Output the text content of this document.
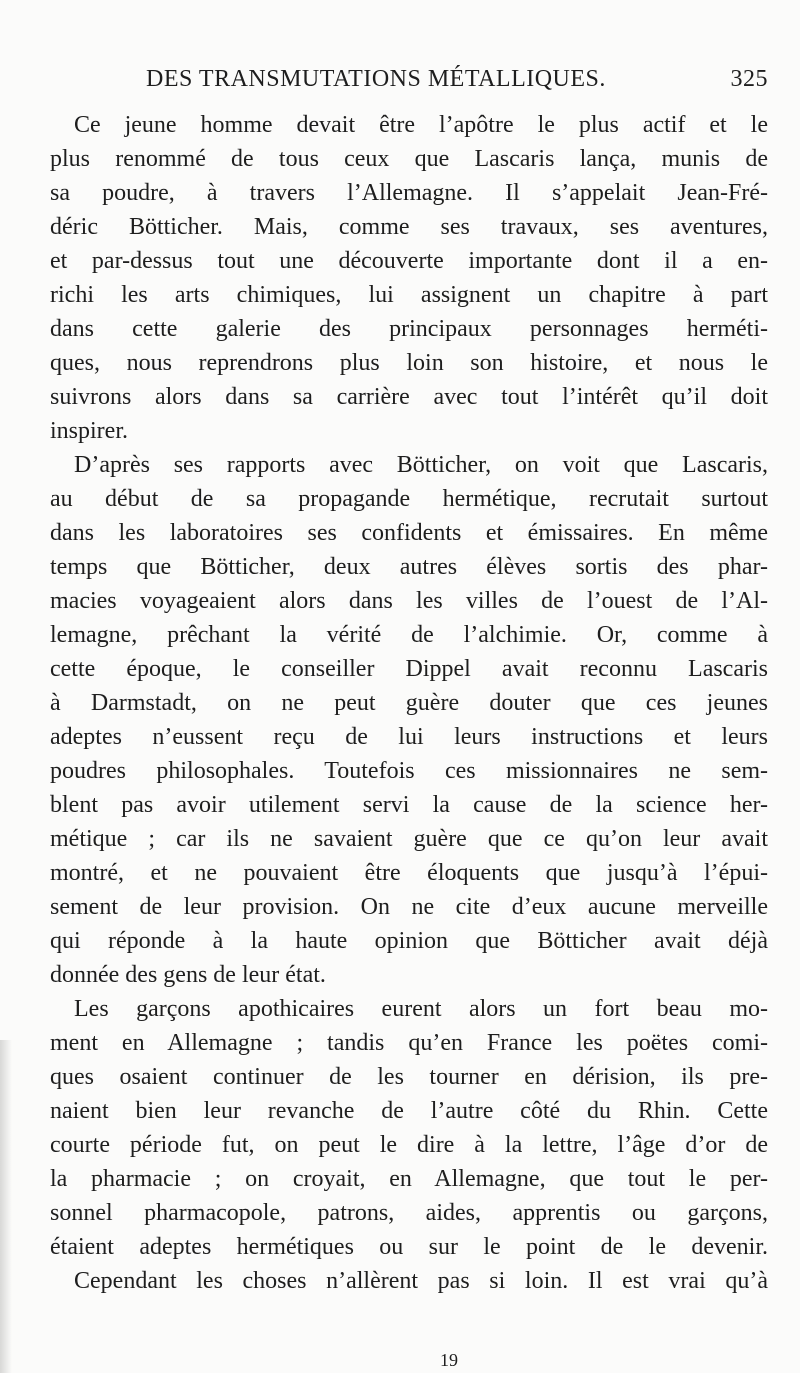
DES TRANSMUTATIONS MÉTALLIQUES.	325
Ce jeune homme devait être l’apôtre le plus actif et le
plus renommé de tous ceux que Lascaris lança, munis de
sa poudre, à travers l’Allemagne. Il s’appelait Jean-Fré-
déric Bötticher. Mais, comme ses travaux, ses aventures,
et par-dessus tout une découverte importante dont il a en-
richi les arts chimiques, lui assignent un chapitre à part
dans cette galerie des principaux personnages herméti-
ques, nous reprendrons plus loin son histoire, et nous le
suivrons alors dans sa carrière avec tout l’intérêt qu’il doit
inspirer.
D’après ses rapports avec Bötticher, on voit que Lascaris,
au début de sa propagande hermétique, recrutait surtout
dans les laboratoires ses confidents et émissaires. En même
temps que Bötticher, deux autres élèves sortis des phar-
macies voyageaient alors dans les villes de l’ouest de l’Al-
lemagne, prêchant la vérité de l’alchimie. Or, comme à
cette époque, le conseiller Dippel avait reconnu Lascaris
à Darmstadt, on ne peut guère douter que ces jeunes
adeptes n’eussent reçu de lui leurs instructions et leurs
poudres philosophales. Toutefois ces missionnaires ne sem-
blent pas avoir utilement servi la cause de la science her-
métique ; car ils ne savaient guère que ce qu’on leur avait
montré, et ne pouvaient être éloquents que jusqu’à l’épui-
sement de leur provision. On ne cite d’eux aucune merveille
qui réponde à la haute opinion que Bötticher avait déjà
donnée des gens de leur état.
Les garçons apothicaires eurent alors un fort beau mo-
ment en Allemagne ; tandis qu’en France les poëtes comi-
ques osaient continuer de les tourner en dérision, ils pre-
naient bien leur revanche de l’autre côté du Rhin. Cette
courte période fut, on peut le dire à la lettre, l’âge d’or de
la pharmacie ; on croyait, en Allemagne, que tout le per-
sonnel pharmacopole, patrons, aides, apprentis ou garçons,
étaient adeptes hermétiques ou sur le point de le devenir.
Cependant les choses n’allèrent pas si loin. Il est vrai qu’à
19
